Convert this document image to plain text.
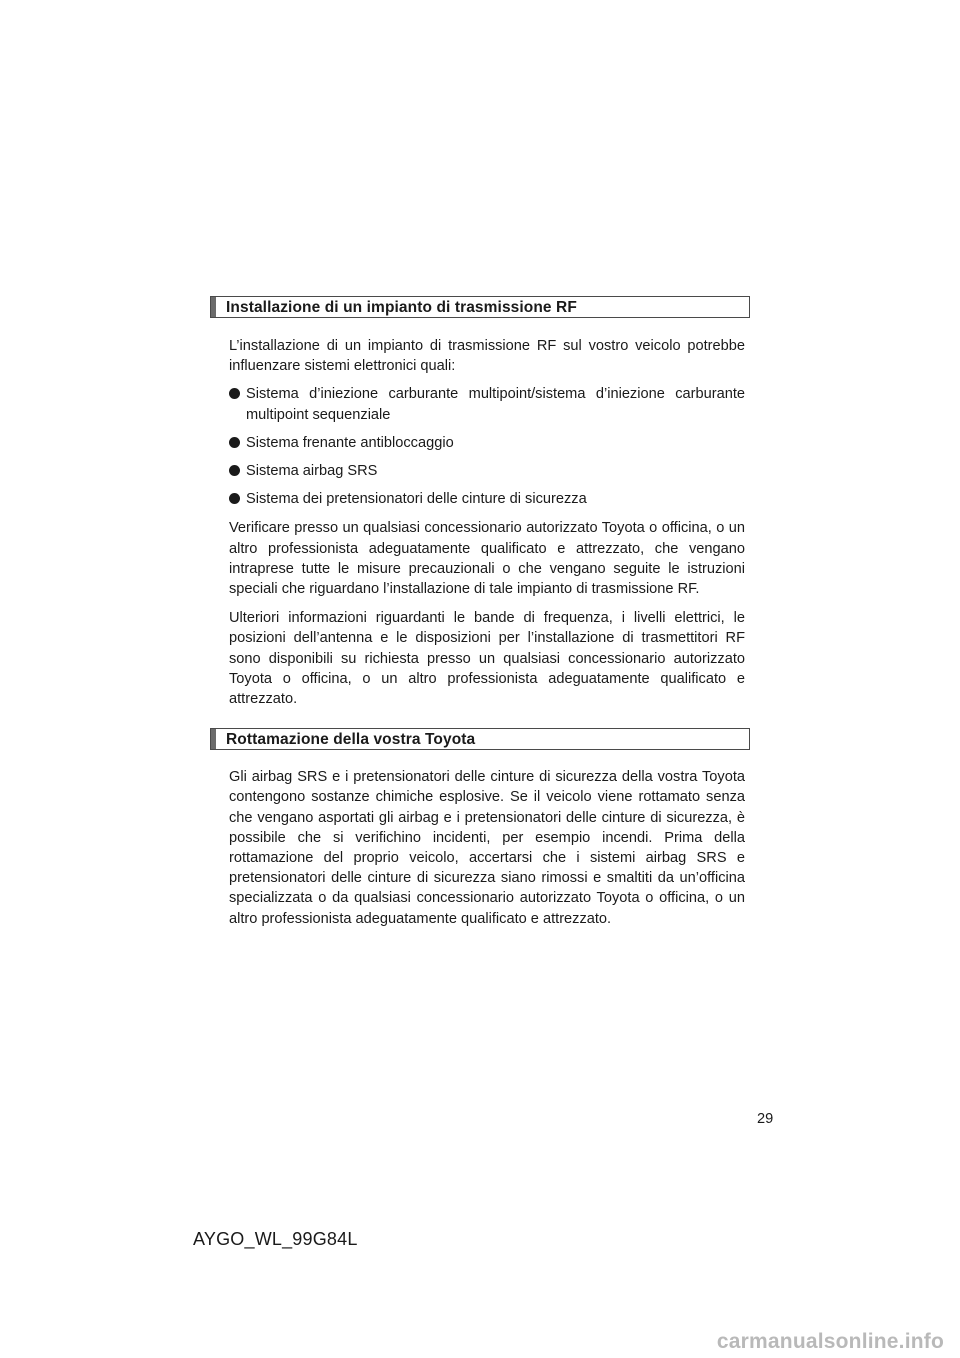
Installazione di un impianto di trasmissione RF

L’installazione di un impianto di trasmissione RF sul vostro veicolo potrebbe influenzare sistemi elettronici quali:

Sistema d’iniezione carburante multipoint/sistema d’iniezione carburante multipoint sequenziale

Sistema frenante antibloccaggio

Sistema airbag SRS

Sistema dei pretensionatori delle cinture di sicurezza

Verificare presso un qualsiasi concessionario autorizzato Toyota o officina, o un altro professionista adeguatamente qualificato e attrezzato, che vengano intraprese tutte le misure precauzionali o che vengano seguite le istruzioni speciali che riguardano l’installazione di tale impianto di trasmissione RF.

Ulteriori informazioni riguardanti le bande di frequenza, i livelli elettrici, le posizioni dell’antenna e le disposizioni per l’installazione di trasmettitori RF sono disponibili su richiesta presso un qualsiasi concessionario autorizzato Toyota o officina, o un altro professionista adeguatamente qualificato e attrezzato.

Rottamazione della vostra Toyota

Gli airbag SRS e i pretensionatori delle cinture di sicurezza della vostra Toyota contengono sostanze chimiche esplosive. Se il veicolo viene rottamato senza che vengano asportati gli airbag e i pretensionatori delle cinture di sicurezza, è possibile che si verifichino incidenti, per esempio incendi. Prima della rottamazione del proprio veicolo, accertarsi che i sistemi airbag SRS e pretensionatori delle cinture di sicurezza siano rimossi e smaltiti da un’officina specializzata o da qualsiasi concessionario autorizzato Toyota o officina, o un altro professionista adeguatamente qualificato e attrezzato.

29
AYGO_WL_99G84L
carmanualsonline.info
